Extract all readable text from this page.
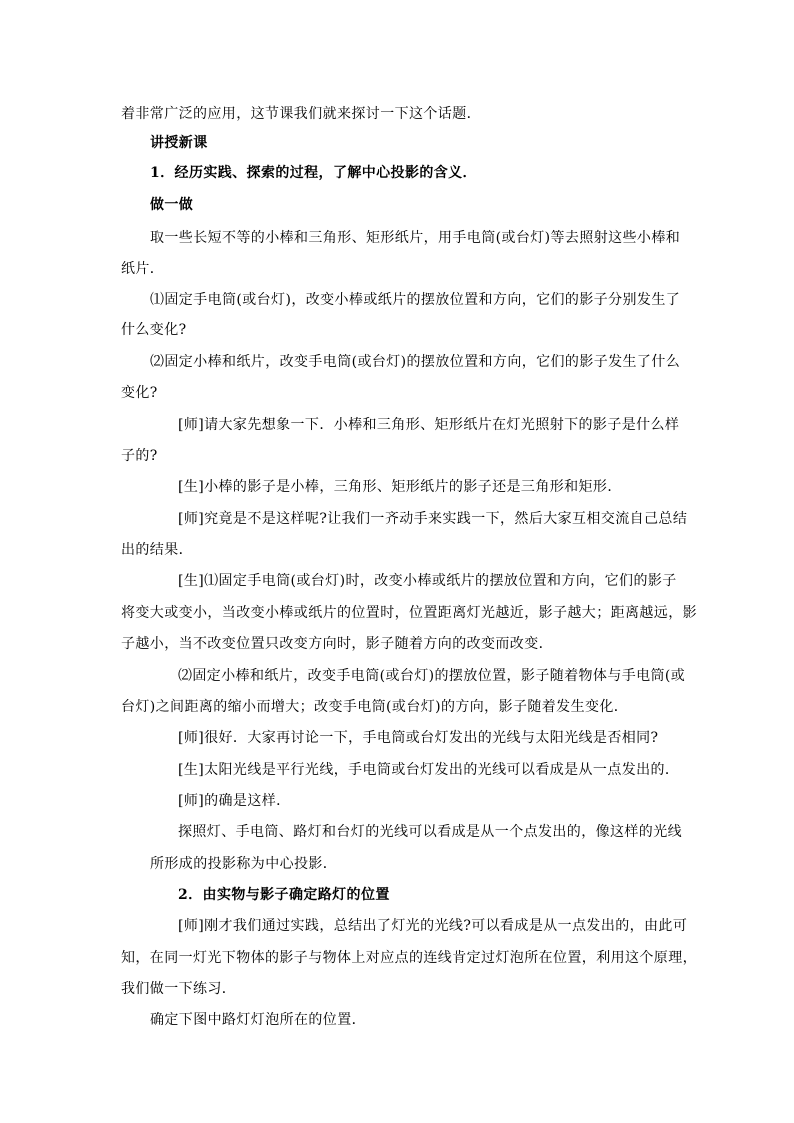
着非常广泛的应用，这节课我们就来探讨一下这个话题．
讲授新课
1．经历实践、探索的过程，了解中心投影的含义．
做一做
取一些长短不等的小棒和三角形、矩形纸片，用手电筒(或台灯)等去照射这些小棒和
纸片．
⑴固定手电筒(或台灯)，改变小棒或纸片的摆放位置和方向，它们的影子分别发生了
什么变化?
⑵固定小棒和纸片，改变手电筒(或台灯)的摆放位置和方向，它们的影子发生了什么
变化?
[师]请大家先想象一下．小棒和三角形、矩形纸片在灯光照射下的影子是什么样
子的?
[生]小棒的影子是小棒，三角形、矩形纸片的影子还是三角形和矩形．
[师]究竟是不是这样呢?让我们一齐动手来实践一下，然后大家互相交流自己总结
出的结果．
[生]⑴固定手电筒(或台灯)时，改变小棒或纸片的摆放位置和方向，它们的影子
将变大或变小，当改变小棒或纸片的位置时，位置距离灯光越近，影子越大；距离越远，影
子越小，当不改变位置只改变方向时，影子随着方向的改变而改变．
⑵固定小棒和纸片，改变手电筒(或台灯)的摆放位置，影子随着物体与手电筒(或
台灯)之间距离的缩小而增大；改变手电筒(或台灯)的方向，影子随着发生变化．
[师]很好．大家再讨论一下，手电筒或台灯发出的光线与太阳光线是否相同?
[生]太阳光线是平行光线，手电筒或台灯发出的光线可以看成是从一点发出的．
[师]的确是这样．
探照灯、手电筒、路灯和台灯的光线可以看成是从一个点发出的，像这样的光线
所形成的投影称为中心投影．
2．由实物与影子确定路灯的位置
[师]刚才我们通过实践，总结出了灯光的光线?可以看成是从一点发出的，由此可
知，在同一灯光下物体的影子与物体上对应点的连线肯定过灯泡所在位置，利用这个原理，
我们做一下练习．
确定下图中路灯灯泡所在的位置．
